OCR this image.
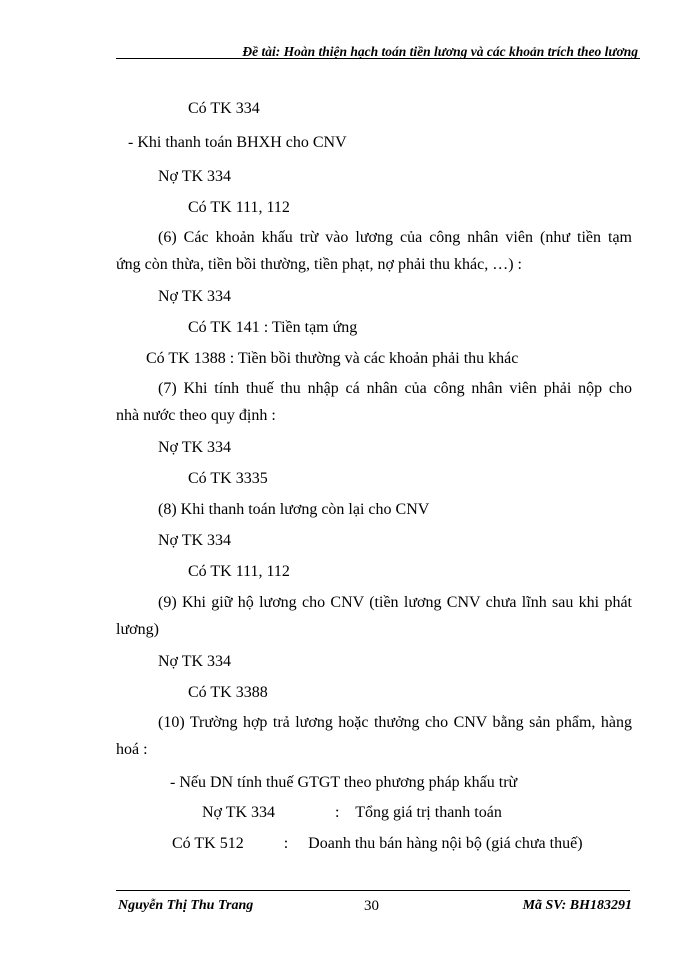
Đề tài: Hoàn thiện hạch toán tiền lương và các khoản trích theo lương
Có TK 334
- Khi thanh toán BHXH cho CNV
Nợ TK 334
Có TK 111, 112
(6) Các khoản khấu trừ vào lương của công nhân viên (như tiền tạm
ứng còn thừa, tiền bồi thường, tiền phạt, nợ phải thu khác, …) :
Nợ TK 334
Có TK 141 : Tiền tạm ứng
Có TK 1388 : Tiền bồi thường và các khoản phải thu khác
(7) Khi tính thuế thu nhập cá nhân của công nhân viên phải nộp cho
nhà nước theo quy định :
Nợ TK 334
Có TK 3335
(8) Khi thanh toán lương còn lại cho CNV
Nợ TK 334
Có TK 111, 112
(9) Khi giữ hộ lương cho CNV (tiền lương CNV chưa lĩnh sau khi phát
lương)
Nợ TK 334
Có TK 3388
(10) Trường hợp trả lương hoặc thưởng cho CNV bằng sản phẩm, hàng
hoá :
- Nếu DN tính thuế GTGT theo phương pháp khấu trừ
Nợ TK 334               :    Tổng giá trị thanh toán
Có TK 512          :     Doanh thu bán hàng nội bộ (giá chưa thuế)
Nguyễn Thị Thu Trang	30	Mã SV: BH183291
